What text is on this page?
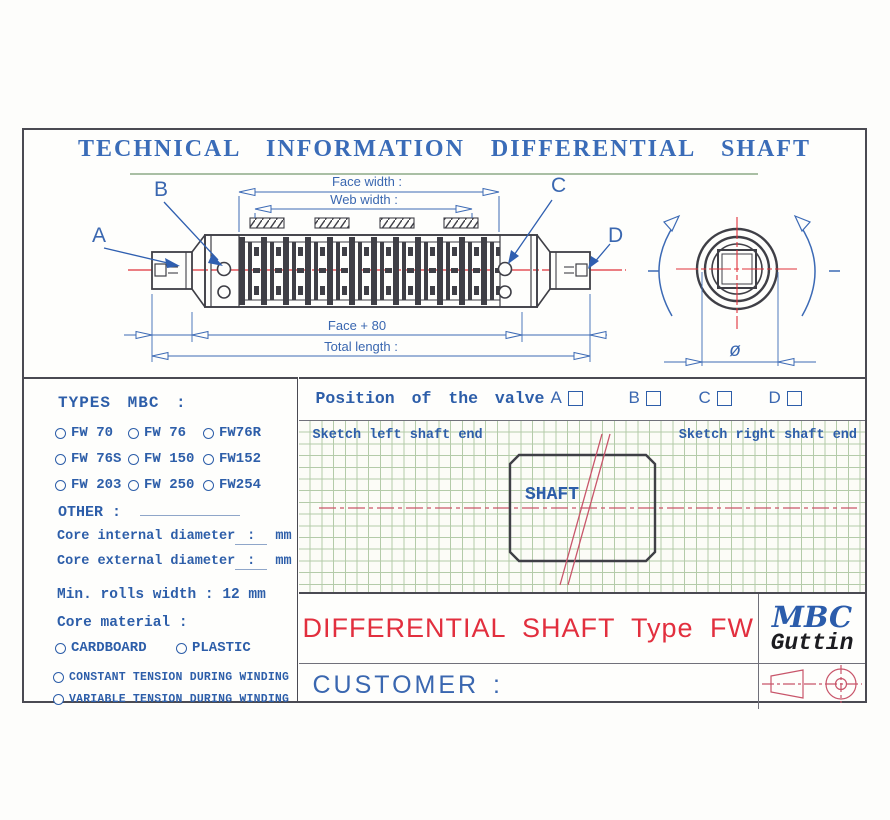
TECHNICAL INFORMATION DIFFERENTIAL SHAFT
A
B	C
D
Face width :
Web width :
Face + 80
Total length :	ø
TYPES MBC :
FW 70 FW 76 FW76R
FW 76S FW 150 FW152
FW 203 FW 250 FW254
OTHER :
Core internal diameter : mm
Core external diameter : mm
Min. rolls width : 12 mm
Core material :
CARDBOARD	PLASTIC
CONSTANT TENSION DURING WINDING
VARIABLE TENSION DURING WINDING
Position of the valve A	B	C	D
Sketch left shaft end	Sketch right shaft end
SHAFT
DIFFERENTIAL SHAFT Type FW MBC
Guttin
CUSTOMER :
